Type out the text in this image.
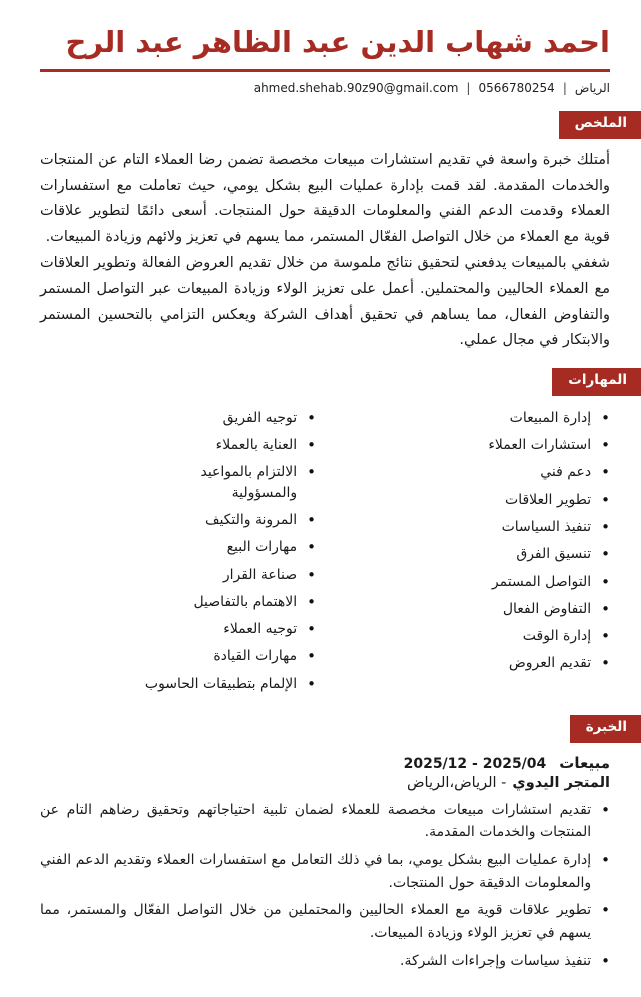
احمد شهاب الدين عبد الظاهر عبد الرح
ahmed.shehab.90z90@gmail.com | 0566780254 | الرياض
الملخص

أمتلك خبرة واسعة في تقديم استشارات مبيعات مخصصة تضمن رضا العملاء التام عن المنتجات والخدمات المقدمة. لقد قمت بإدارة عمليات البيع بشكل يومي، حيث تعاملت مع استفسارات العملاء وقدمت الدعم الفني والمعلومات الدقيقة حول المنتجات. أسعى دائمًا لتطوير علاقات قوية مع العملاء من خلال التواصل الفعّال المستمر، مما يسهم في تعزيز ولائهم وزيادة المبيعات.

شغفي بالمبيعات يدفعني لتحقيق نتائج ملموسة من خلال تقديم العروض الفعالة وتطوير العلاقات مع العملاء الحاليين والمحتملين. أعمل على تعزيز الولاء وزيادة المبيعات عبر التواصل المستمر والتفاوض الفعال، مما يساهم في تحقيق أهداف الشركة ويعكس التزامي بالتحسين المستمر والابتكار في مجال عملي.

المهارات
•
إدارة المبيعات
•
استشارات العملاء
•
دعم فني
•
تطوير العلاقات
•
تنفيذ السياسات
•
تنسيق الفرق
•
التواصل المستمر
•
التفاوض الفعال
•
إدارة الوقت
•
تقديم العروض
•
توجيه الفريق
•
العناية بالعملاء
•
الالتزام بالمواعيد والمسؤولية
•
المرونة والتكيف
•
مهارات البيع
•
صناعة القرار
•
الاهتمام بالتفاصيل
•
توجيه العملاء
•
مهارات القيادة
•
الإلمام بتطبيقات الحاسوب
الخبرة
مبيعات
2025/04 - 2025/12
المتجر اليدوي
- الرياض،الرياض
•
تقديم استشارات مبيعات مخصصة للعملاء لضمان تلبية احتياجاتهم وتحقيق رضاهم التام عن المنتجات والخدمات المقدمة.
•
إدارة عمليات البيع بشكل يومي، بما في ذلك التعامل مع استفسارات العملاء وتقديم الدعم الفني والمعلومات الدقيقة حول المنتجات.
•
تطوير علاقات قوية مع العملاء الحاليين والمحتملين من خلال التواصل الفعّال والمستمر، مما يسهم في تعزيز الولاء وزيادة المبيعات.
•
تنفيذ سياسات وإجراءات الشركة.
